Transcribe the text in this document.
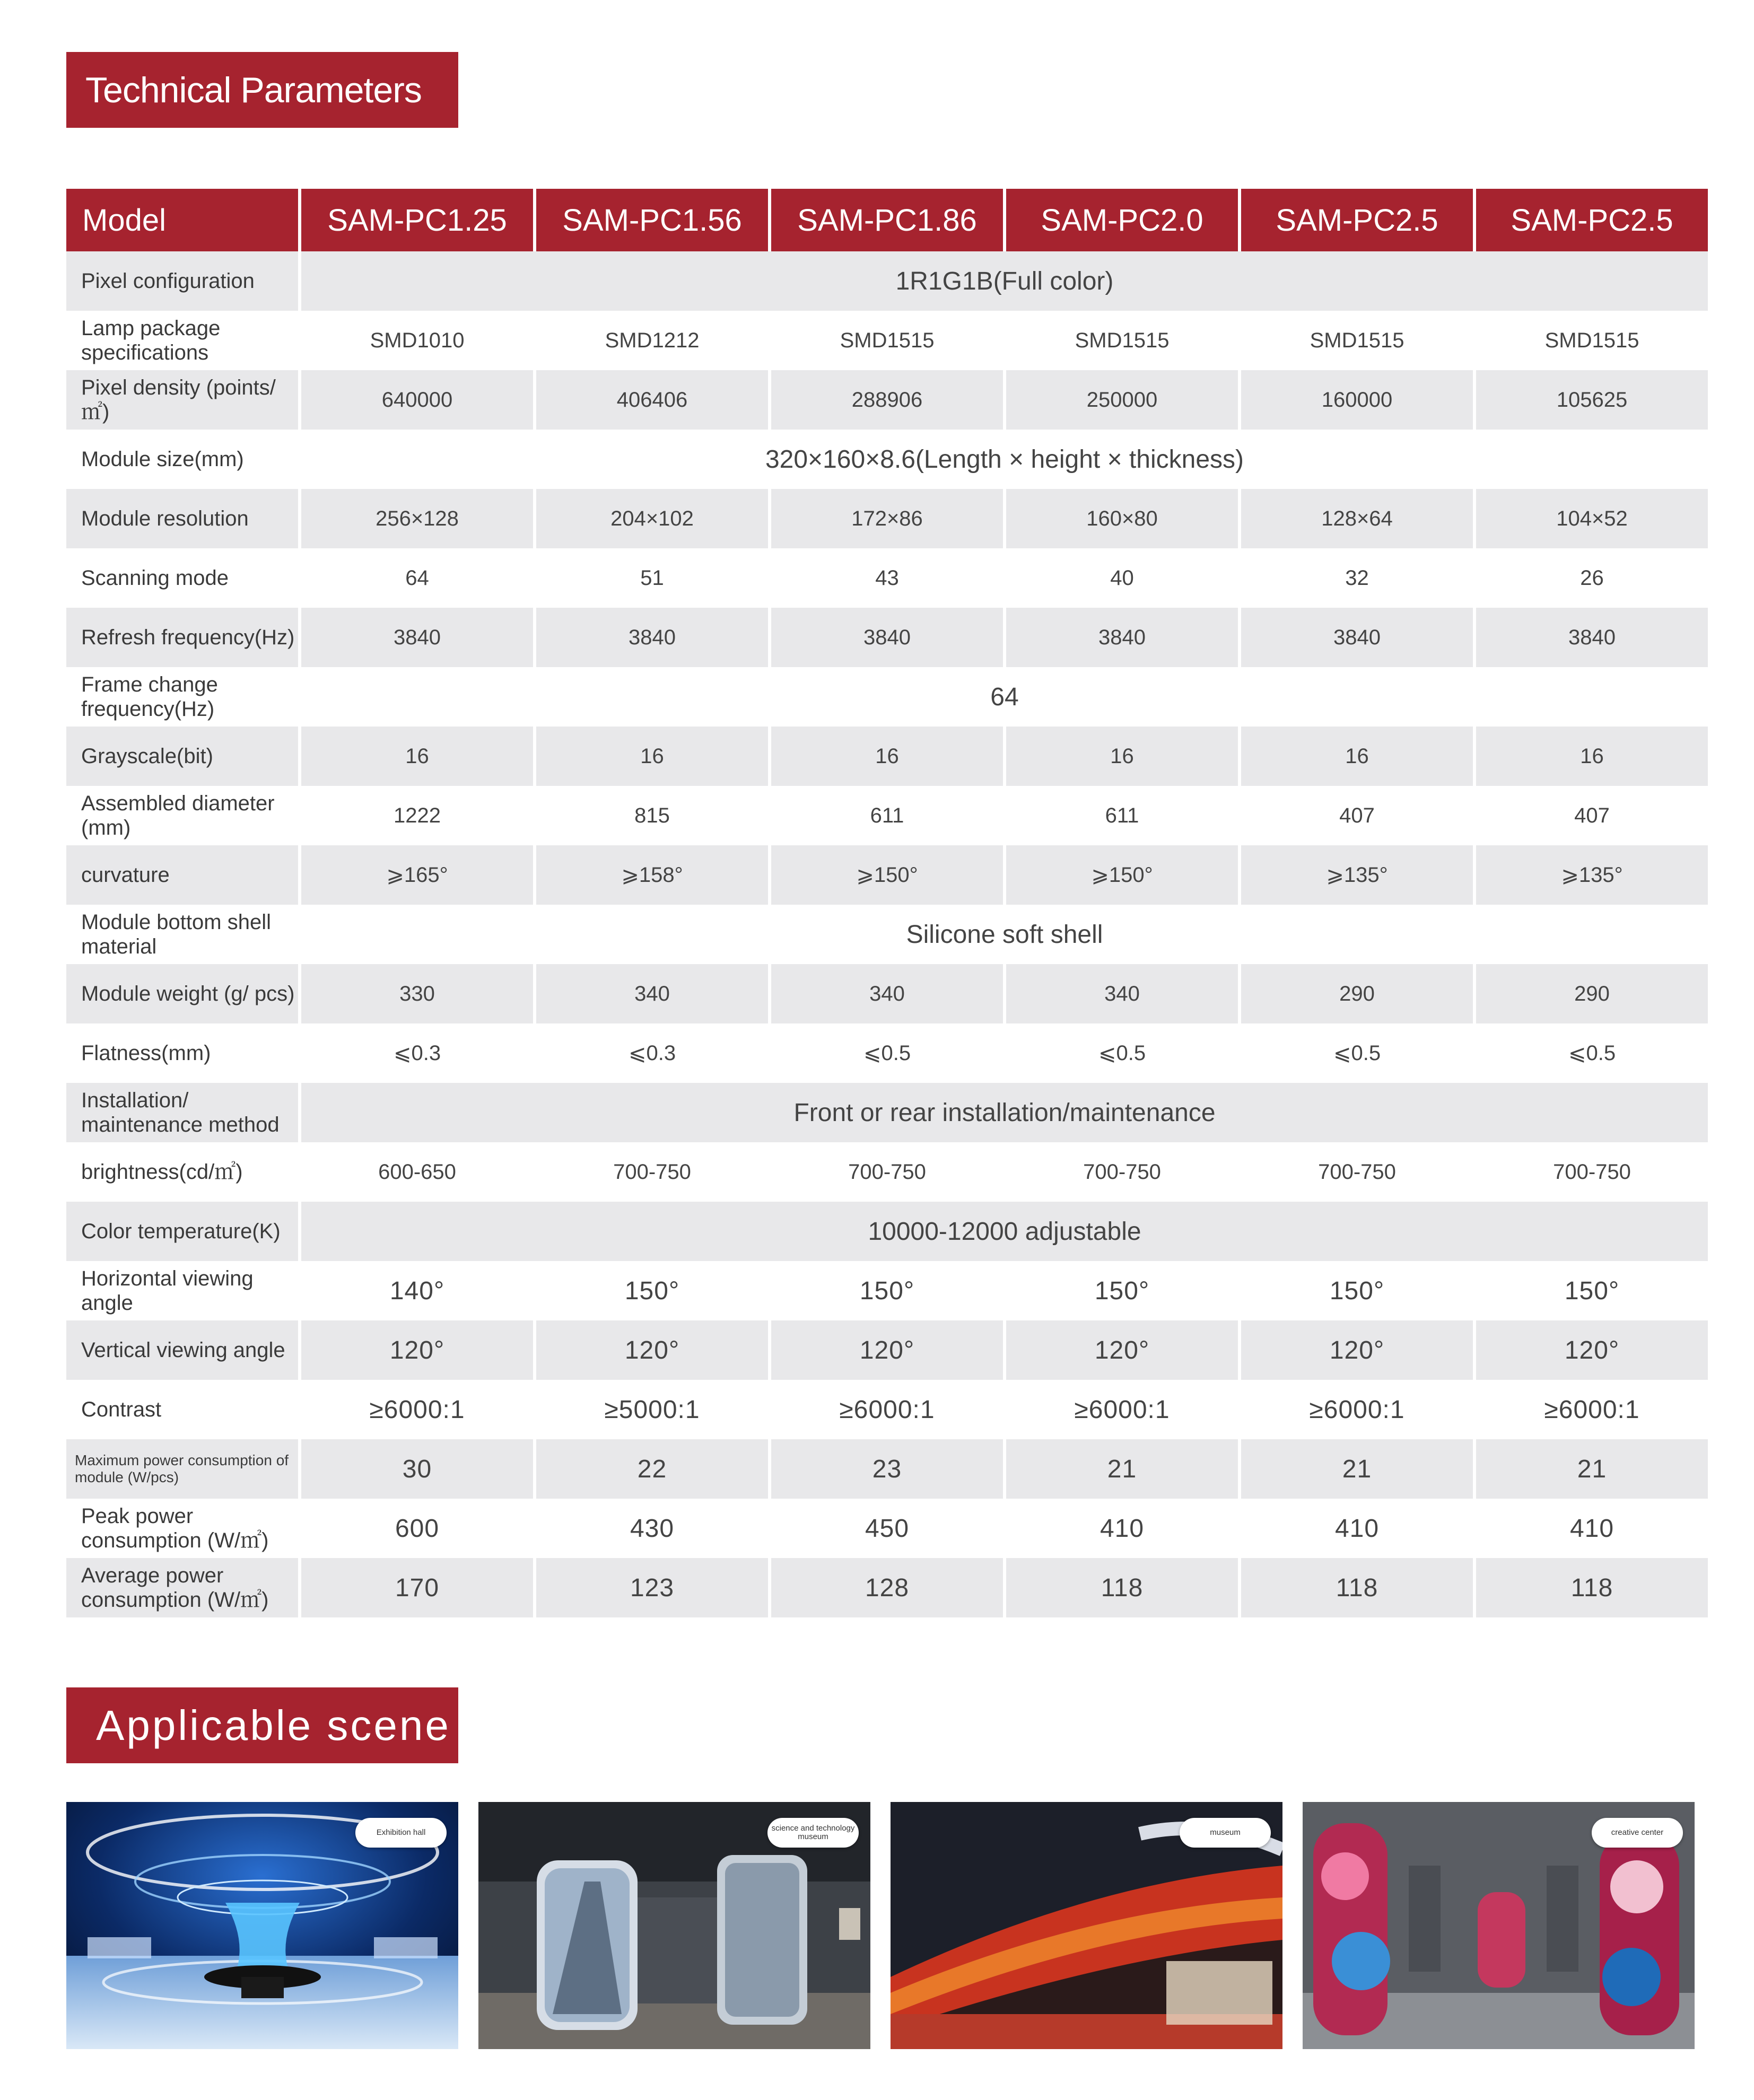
Technical Parameters
Model	SAM-PC1.25	SAM-PC1.56	SAM-PC1.86	SAM-PC2.0	SAM-PC2.5	SAM-PC2.5
Pixel configuration	1R1G1B(Full color)					
Lamp package specifications	SMD1010	SMD1212	SMD1515	SMD1515	SMD1515	SMD1515
Pixel density (points/㎡)	640000	406406	288906	250000	160000	105625
Module size(mm)	320×160×8.6(Length × height × thickness)					
Module resolution	256×128	204×102	172×86	160×80	128×64	104×52
Scanning mode	64	51	43	40	32	26
Refresh frequency(Hz)	3840	3840	3840	3840	3840	3840
Frame change frequency(Hz)	64					
Grayscale(bit)	16	16	16	16	16	16
Assembled diameter (mm)	1222	815	611	611	407	407
curvature	⩾165°	⩾158°	⩾150°	⩾150°	⩾135°	⩾135°
Module bottom shell material	Silicone soft shell					
Module weight (g/ pcs)	330	340	340	340	290	290
Flatness(mm)	⩽0.3	⩽0.3	⩽0.5	⩽0.5	⩽0.5	⩽0.5
Installation/ maintenance method	Front or rear installation/maintenance					
brightness(cd/㎡)	600-650	700-750	700-750	700-750	700-750	700-750
Color temperature(K)	10000-12000 adjustable					
Horizontal viewing angle	140°	150°	150°	150°	150°	150°
Vertical viewing angle	120°	120°	120°	120°	120°	120°
Contrast	≥6000:1	≥5000:1	≥6000:1	≥6000:1	≥6000:1	≥6000:1
Maximum power consumption of module (W/pcs)	30	22	23	21	21	21
Peak power consumption (W/㎡)	600	430	450	410	410	410
Average power consumption (W/㎡)	170	123	128	118	118	118
Applicable scene
Exhibition hall	science and technology museum	museum	creative center
